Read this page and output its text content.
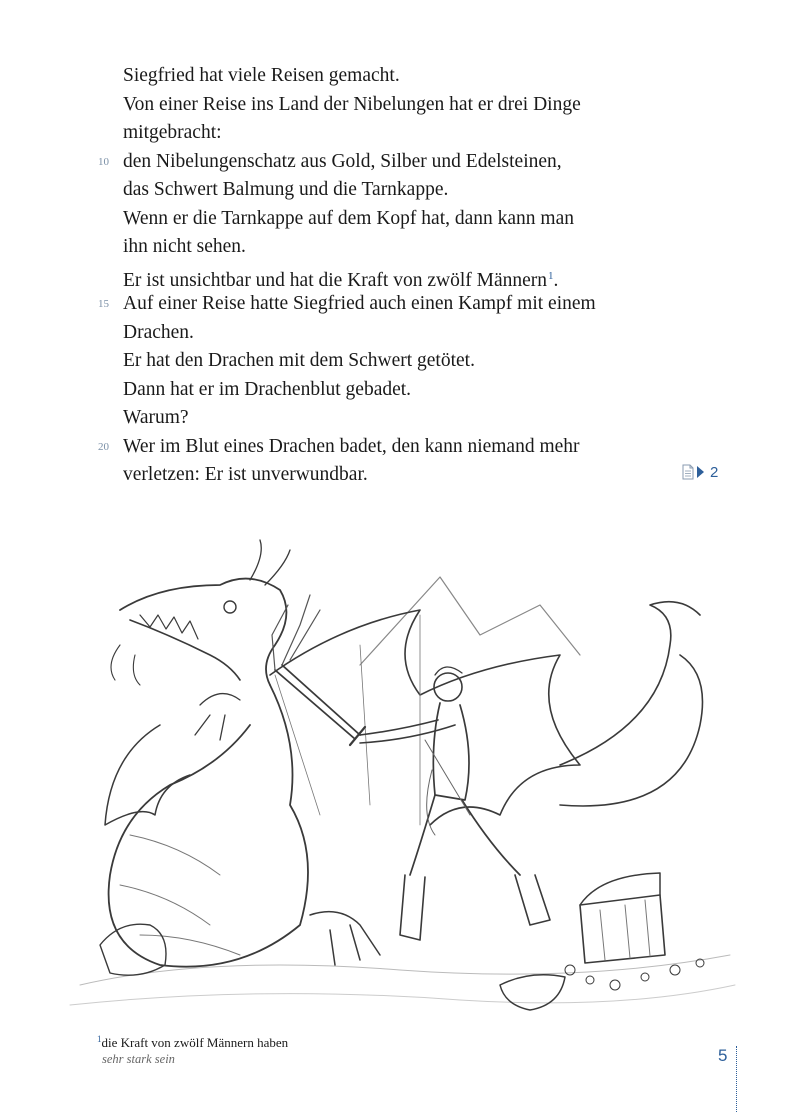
Siegfried hat viele Reisen gemacht.
Von einer Reise ins Land der Nibelungen hat er drei Dinge
mitgebracht:
10 den Nibelungenschatz aus Gold, Silber und Edelsteinen,
das Schwert Balmung und die Tarnkappe.
Wenn er die Tarnkappe auf dem Kopf hat, dann kann man
ihn nicht sehen.
Er ist unsichtbar und hat die Kraft von zwölf Männern$^1$.
15 Auf einer Reise hatte Siegfried auch einen Kampf mit einem
Drachen.
Er hat den Drachen mit dem Schwert getötet.
Dann hat er im Drachenblut gebadet.
Warum?
20 Wer im Blut eines Drachen badet, den kann niemand mehr
verletzen: Er ist unverwundbar.	2
$^1$die Kraft von zwölf Männern haben
sehr stark sein	5
